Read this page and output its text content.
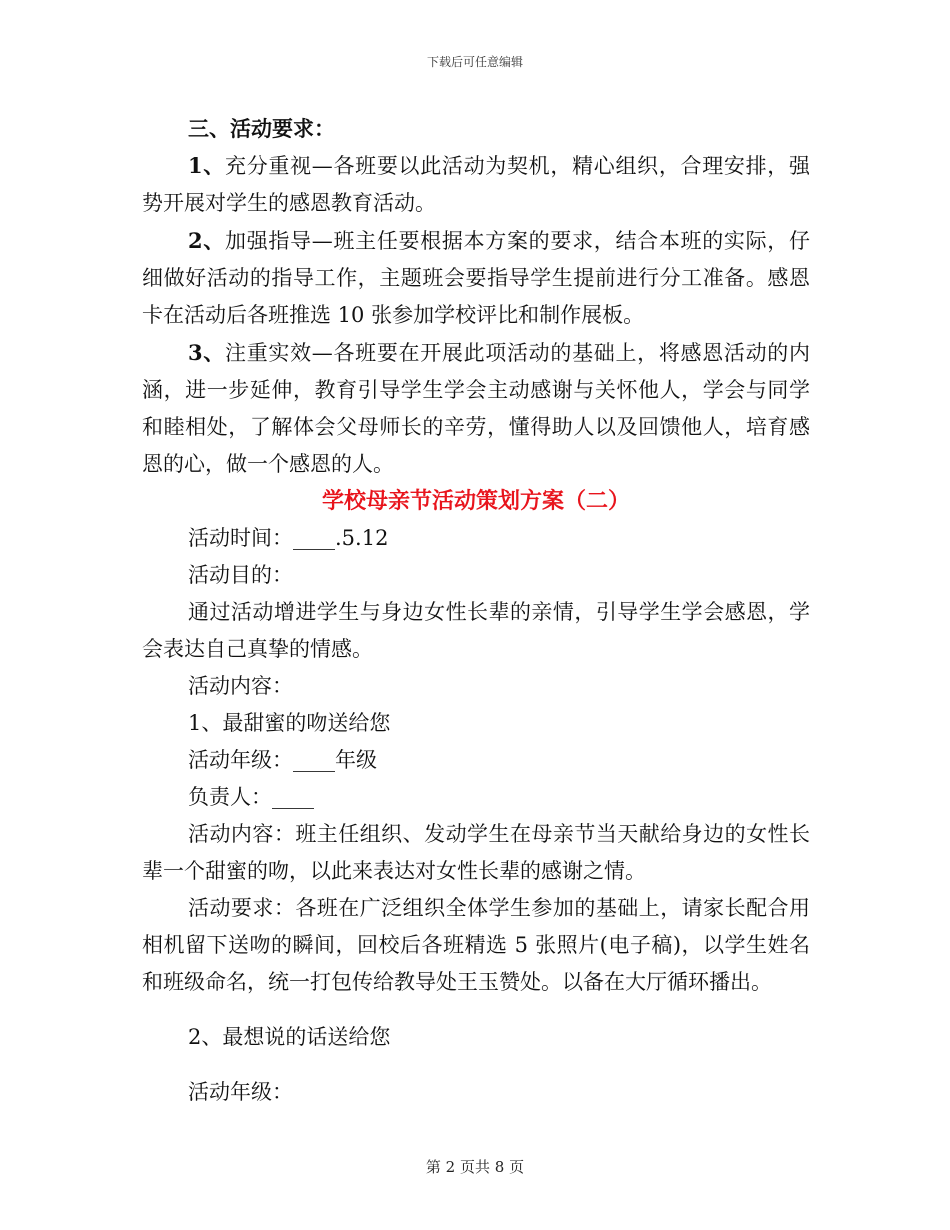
下载后可任意编辑

三、活动要求：

1、充分重视—各班要以此活动为契机，精心组织，合理安排，强势开展对学生的感恩教育活动。

2、加强指导—班主任要根据本方案的要求，结合本班的实际，仔细做好活动的指导工作，主题班会要指导学生提前进行分工准备。感恩卡在活动后各班推选 10 张参加学校评比和制作展板。

3、注重实效—各班要在开展此项活动的基础上，将感恩活动的内涵，进一步延伸，教育引导学生学会主动感谢与关怀他人，学会与同学和睦相处，了解体会父母师长的辛劳，懂得助人以及回馈他人，培育感恩的心，做一个感恩的人。

学校母亲节活动策划方案（二）

活动时间：____.5.12

活动目的：

通过活动增进学生与身边女性长辈的亲情，引导学生学会感恩，学会表达自己真挚的情感。

活动内容：

1、最甜蜜的吻送给您

活动年级：____年级

负责人：____

活动内容：班主任组织、发动学生在母亲节当天献给身边的女性长辈一个甜蜜的吻，以此来表达对女性长辈的感谢之情。

活动要求：各班在广泛组织全体学生参加的基础上，请家长配合用相机留下送吻的瞬间，回校后各班精选 5 张照片(电子稿)，以学生姓名和班级命名，统一打包传给教导处王玉赞处。以备在大厅循环播出。

2、最想说的话送给您

活动年级：

第 2 页共 8 页
